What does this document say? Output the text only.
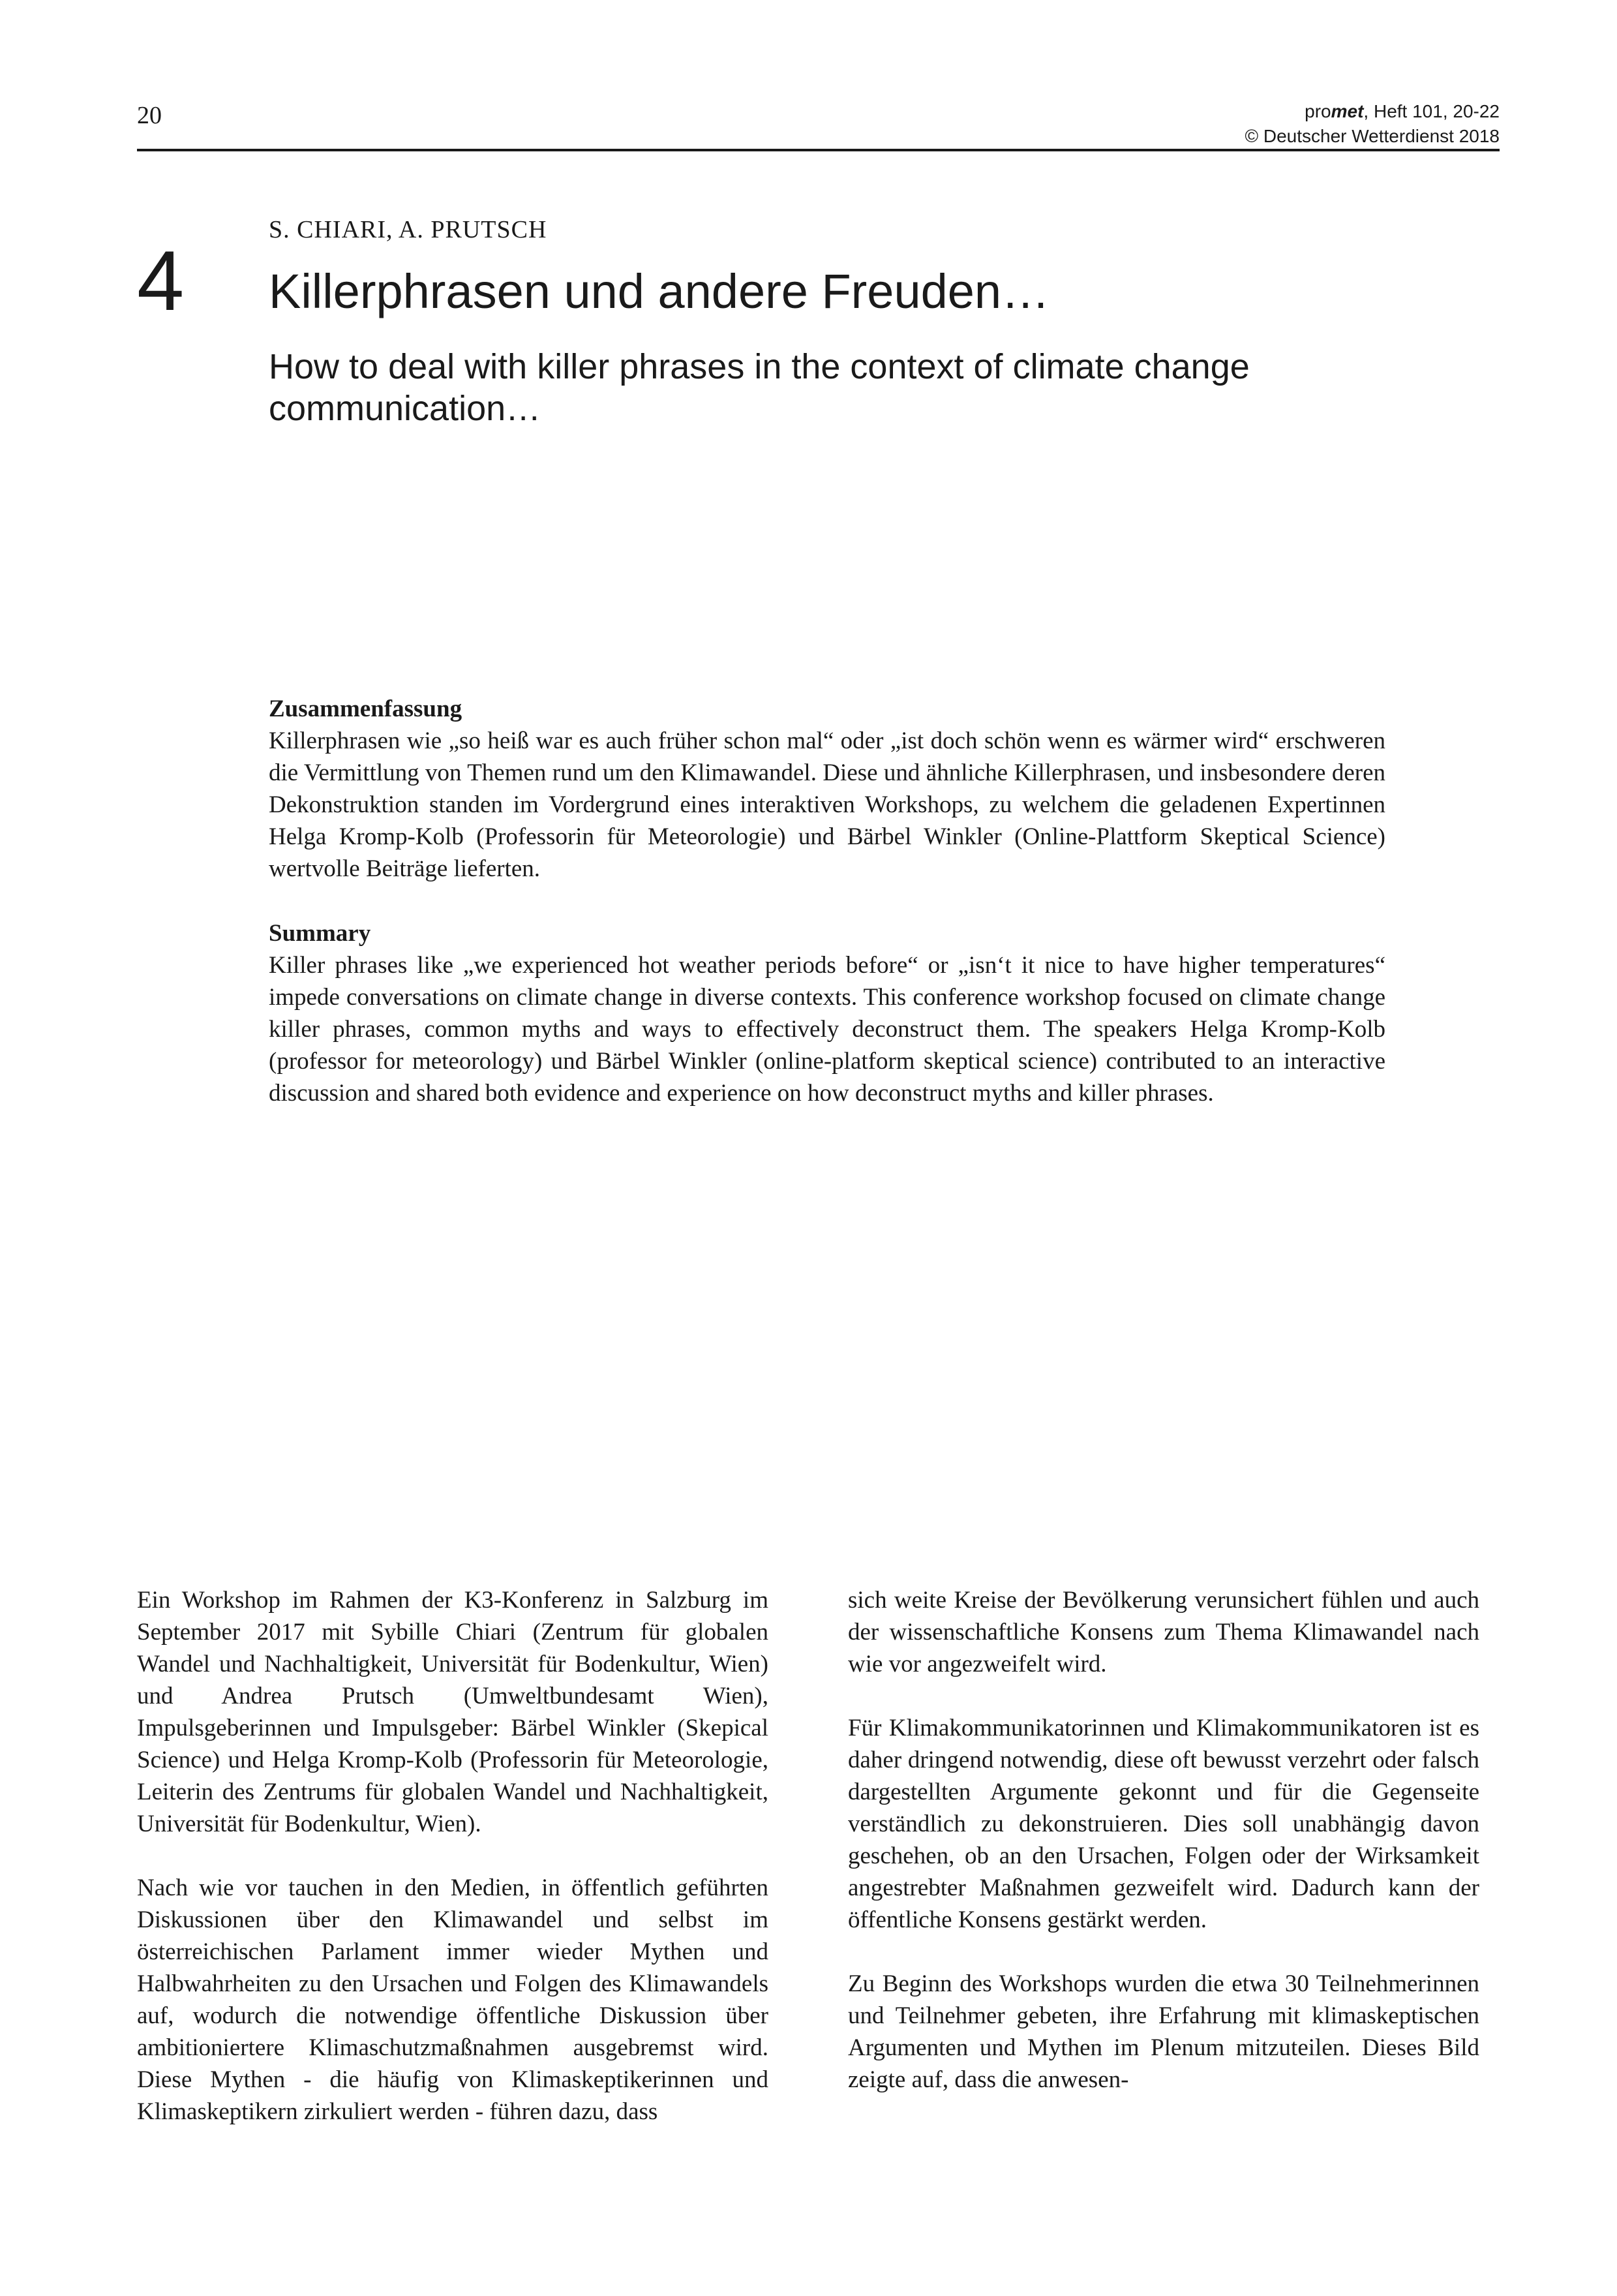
20	promet, Heft 101, 20-22
© Deutscher Wetterdienst 2018
4
S. CHIARI, A. PRUTSCH
Killerphrasen und andere Freuden…
How to deal with killer phrases in the context of climate change communication…
Zusammenfassung
Killerphrasen wie „so heiß war es auch früher schon mal“ oder „ist doch schön wenn es wärmer wird“ erschweren die Vermittlung von Themen rund um den Klimawandel. Diese und ähnliche Killerphrasen, und insbesondere deren Dekonstruktion standen im Vordergrund eines interaktiven Workshops, zu welchem die geladenen Expertinnen Helga Kromp-Kolb (Professorin für Meteorologie) und Bärbel Winkler (Online-Plattform Skeptical Science) wertvolle Beiträge lieferten.
Summary
Killer phrases like „we experienced hot weather periods before“ or „isn‘t it nice to have higher temperatures“ impede conversations on climate change in diverse contexts. This conference workshop focused on climate change killer phrases, common myths and ways to effectively deconstruct them. The speakers Helga Kromp-Kolb (professor for meteorology) und Bärbel Winkler (online-platform skeptical science) contributed to an interactive discussion and shared both evidence and experience on how deconstruct myths and killer phrases.

Ein Workshop im Rahmen der K3-Konferenz in Salzburg im September 2017 mit Sybille Chiari (Zentrum für globalen Wandel und Nachhaltigkeit, Universität für Bodenkultur, Wien) und Andrea Prutsch (Umweltbundesamt Wien), Impulsgeberinnen und Impulsgeber: Bärbel Winkler (Skepical Science) und Helga Kromp-Kolb (Professorin für Meteorologie, Leiterin des Zentrums für globalen Wandel und Nachhaltigkeit, Universität für Bodenkultur, Wien).

Nach wie vor tauchen in den Medien, in öffentlich geführten Diskussionen über den Klimawandel und selbst im österreichischen Parlament immer wieder Mythen und Halbwahrheiten zu den Ursachen und Folgen des Klimawandels auf, wodurch die notwendige öffentliche Diskussion über ambitioniertere Klimaschutzmaßnahmen ausgebremst wird. Diese Mythen - die häufig von Klimaskeptikerinnen und Klimaskeptikern zirkuliert werden - führen dazu, dass

sich weite Kreise der Bevölkerung verunsichert fühlen und auch der wissenschaftliche Konsens zum Thema Klimawandel nach wie vor angezweifelt wird.

Für Klimakommunikatorinnen und Klimakommunikatoren ist es daher dringend notwendig, diese oft bewusst verzehrt oder falsch dargestellten Argumente gekonnt und für die Gegenseite verständlich zu dekonstruieren. Dies soll unabhängig davon geschehen, ob an den Ursachen, Folgen oder der Wirksamkeit angestrebter Maßnahmen gezweifelt wird. Dadurch kann der öffentliche Konsens gestärkt werden.

Zu Beginn des Workshops wurden die etwa 30 Teilnehmerinnen und Teilnehmer gebeten, ihre Erfahrung mit klimaskeptischen Argumenten und Mythen im Plenum mitzuteilen. Dieses Bild zeigte auf, dass die anwesen-
